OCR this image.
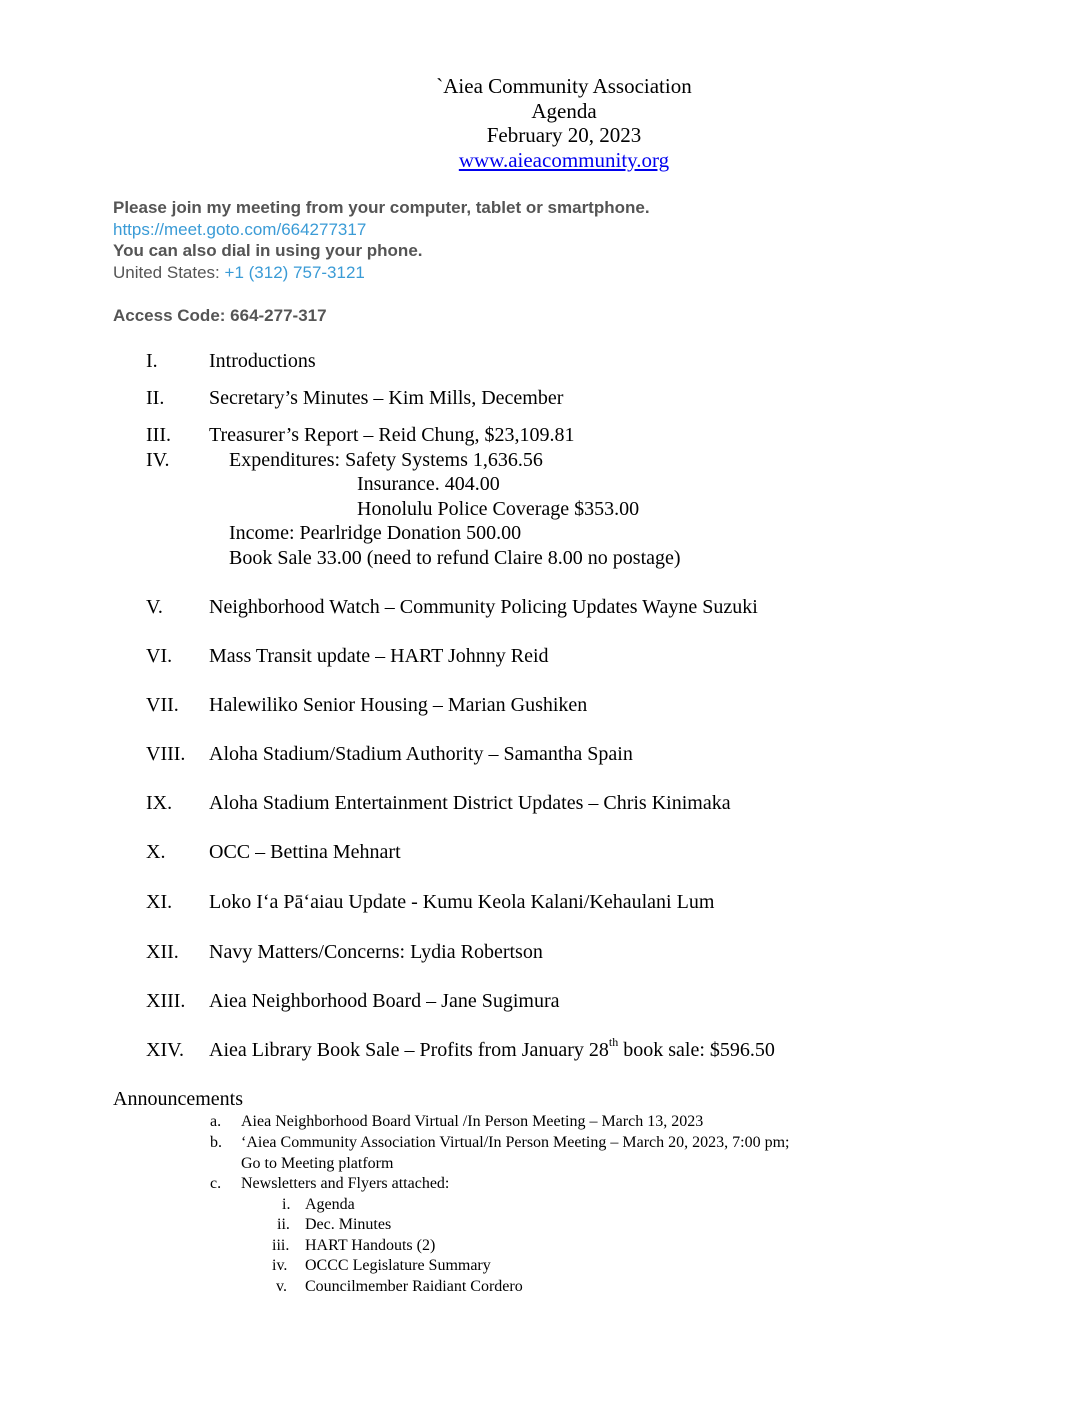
`Aiea Community Association
Agenda
February 20, 2023
www.aieacommunity.org
Please join my meeting from your computer, tablet or smartphone.
https://meet.goto.com/664277317
You can also dial in using your phone.
United States: +1 (312) 757-3121
Access Code: 664-277-317
I.	Introductions
II. Secretary’s Minutes – Kim Mills, December
III. Treasurer’s Report – Reid Chung, $23,109.81
IV.	Expenditures: Safety Systems 1,636.56
Insurance. 404.00
Honolulu Police Coverage $353.00
Income: Pearlridge Donation 500.00
Book Sale 33.00 (need to refund Claire 8.00 no postage)
V. Neighborhood Watch – Community Policing Updates Wayne Suzuki
VI. Mass Transit update – HART Johnny Reid
VII. Halewiliko Senior Housing – Marian Gushiken
VIII. Aloha Stadium/Stadium Authority – Samantha Spain
IX. Aloha Stadium Entertainment District Updates – Chris Kinimaka
X. OCC – Bettina Mehnart
XI. Loko Iʻa Pāʻaiau Update - Kumu Keola Kalani/Kehaulani Lum
XII. Navy Matters/Concerns: Lydia Robertson
XIII. Aiea Neighborhood Board – Jane Sugimura
XIV. Aiea Library Book Sale – Profits from January 28th book sale: $596.50
Announcements
a. Aiea Neighborhood Board Virtual /In Person Meeting – March 13, 2023
b. ‘Aiea Community Association Virtual/In Person Meeting – March 20, 2023, 7:00 pm;
Go to Meeting platform
c. Newsletters and Flyers attached:
i. Agenda
ii. Dec. Minutes
iii. HART Handouts (2)
iv. OCCC Legislature Summary
v. Councilmember Raidiant Cordero
